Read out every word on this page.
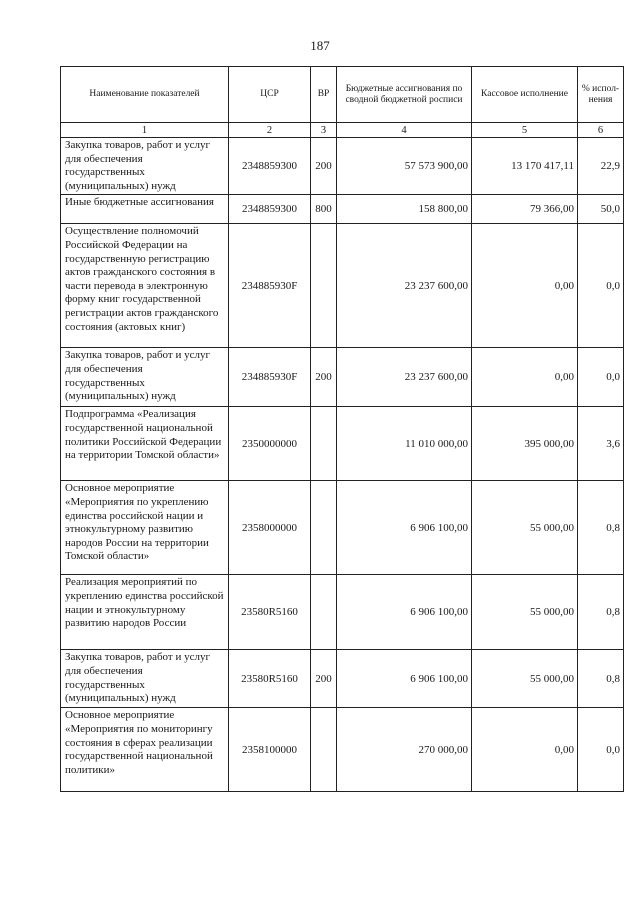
187
Наименование показателей	ЦСР	ВР	Бюджетные ассигнования по сводной бюджетной росписи	Кассовое исполнение	% испол-нения
1	2	3	4	5	6
Закупка товаров, работ и услуг для обеспечения государственных (муниципальных) нужд	2348859300	200	57 573 900,00	13 170 417,11	22,9
Иные бюджетные ассигнования	2348859300	800	158 800,00	79 366,00	50,0
Осуществление полномочий Российской Федерации на государственную регистрацию актов гражданского состояния в части перевода в электронную форму книг государственной регистрации актов гражданского состояния (актовых книг)	234885930F		23 237 600,00	0,00	0,0
Закупка товаров, работ и услуг для обеспечения государственных (муниципальных) нужд	234885930F	200	23 237 600,00	0,00	0,0
Подпрограмма «Реализация государственной национальной политики Российской Федерации на территории Томской области»	2350000000		11 010 000,00	395 000,00	3,6
Основное мероприятие «Мероприятия по укреплению единства российской нации и этнокультурному развитию народов России на территории Томской области»	2358000000		6 906 100,00	55 000,00	0,8
Реализация мероприятий по укреплению единства российской нации и этнокультурному развитию народов России	23580R5160		6 906 100,00	55 000,00	0,8
Закупка товаров, работ и услуг для обеспечения государственных (муниципальных) нужд	23580R5160	200	6 906 100,00	55 000,00	0,8
Основное мероприятие «Мероприятия по мониторингу состояния в сферах реализации государственной национальной политики»	2358100000		270 000,00	0,00	0,0
